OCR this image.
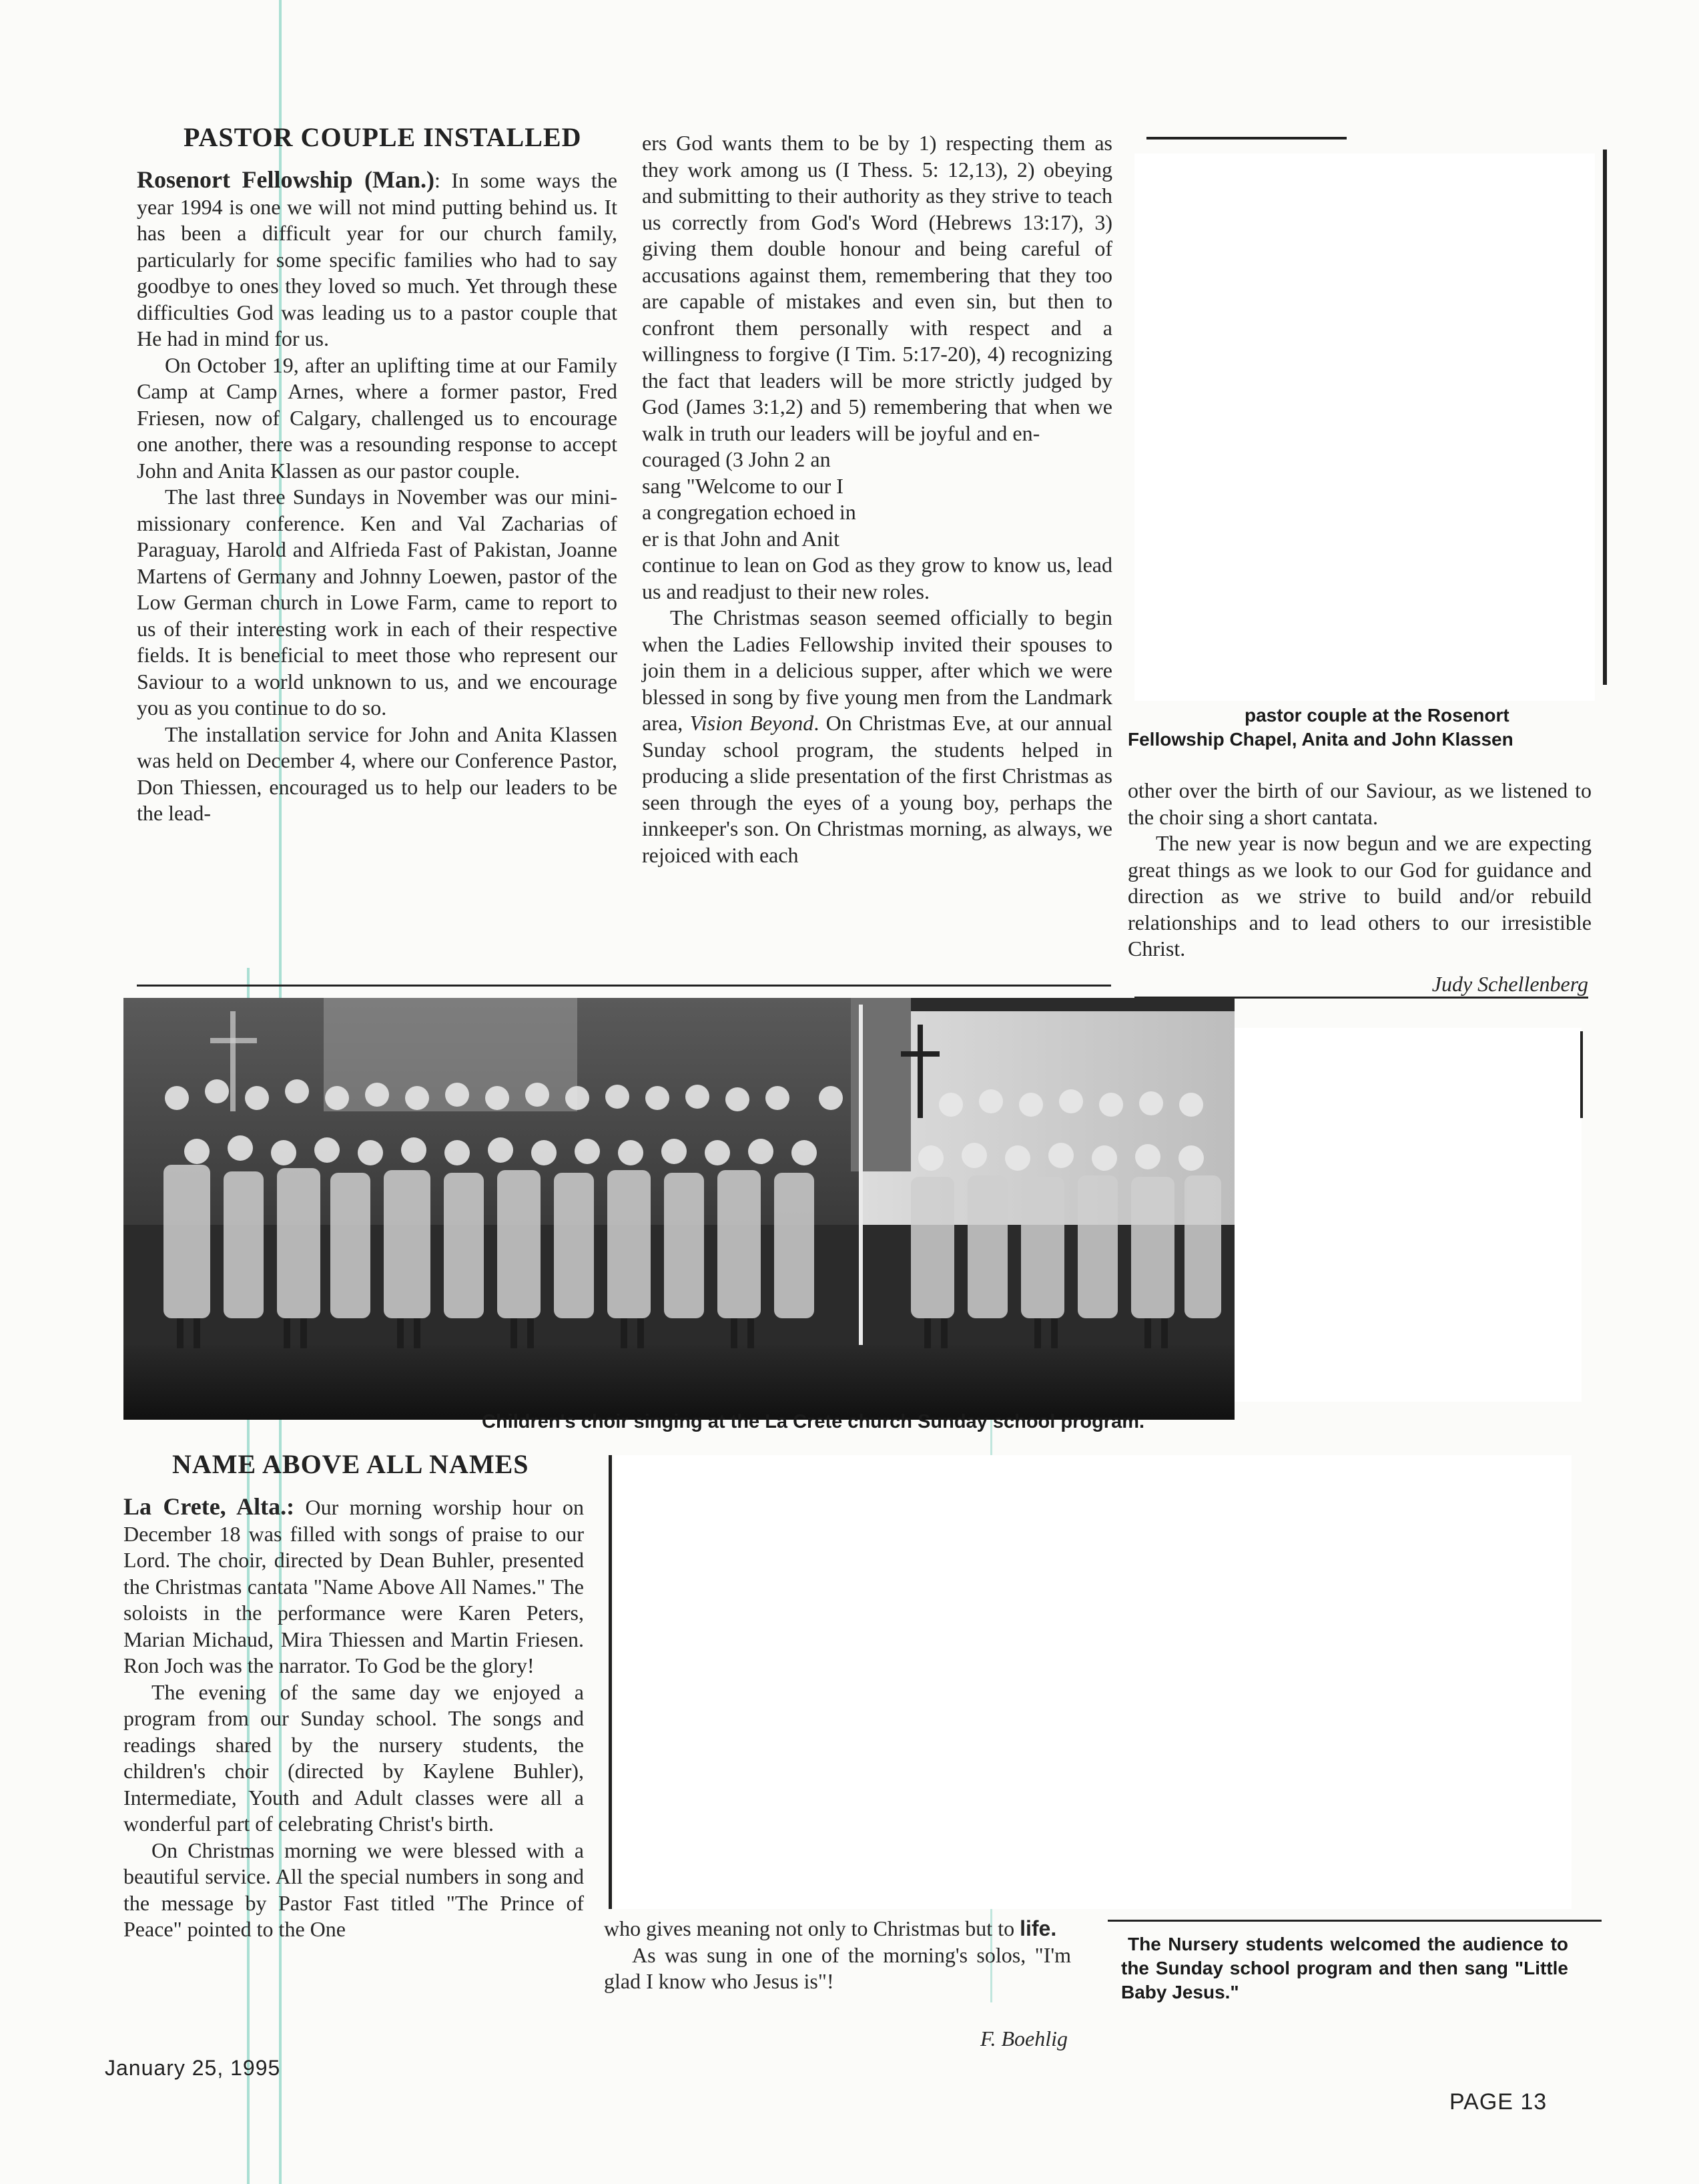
PASTOR COUPLE INSTALLED

Rosenort Fellowship (Man.): In some ways the year 1994 is one we will not mind putting behind us. It has been a difficult year for our church family, particularly for some specific families who had to say goodbye to ones they loved so much. Yet through these difficulties God was leading us to a pastor couple that He had in mind for us.

On October 19, after an uplifting time at our Family Camp at Camp Arnes, where a former pastor, Fred Friesen, now of Calgary, challenged us to encourage one another, there was a resounding response to accept John and Anita Klassen as our pastor couple.

The last three Sundays in November was our mini-missionary conference. Ken and Val Zacharias of Paraguay, Harold and Alfrieda Fast of Pakistan, Joanne Martens of Germany and Johnny Loewen, pastor of the Low German church in Lowe Farm, came to report to us of their interesting work in each of their respective fields. It is beneficial to meet those who represent our Saviour to a world unknown to us, and we encourage you as you continue to do so.

The installation service for John and Anita Klassen was held on December 4, where our Conference Pastor, Don Thiessen, encouraged us to help our leaders to be the lead-

ers God wants them to be by 1) respecting them as they work among us (I Thess. 5: 12,13), 2) obeying and submitting to their authority as they strive to teach us correctly from God's Word (Hebrews 13:17), 3) giving them double honour and being careful of accusations against them, remembering that they too are capable of mistakes and even sin, but then to confront them personally with respect and a willingness to forgive (I Tim. 5:17-20), 4) recognizing the fact that leaders will be more strictly judged by God (James 3:1,2) and 5) remembering that when we walk in truth our leaders will be joyful and en-

couraged (3 John 2 an
sang "Welcome to our I
a congregation echoed in
er is that John and Anit

continue to lean on God as they grow to know us, lead us and readjust to their new roles.

The Christmas season seemed officially to begin when the Ladies Fellowship invited their spouses to join them in a delicious supper, after which we were blessed in song by five young men from the Landmark area, Vision Beyond. On Christmas Eve, at our annual Sunday school program, the students helped in producing a slide presentation of the first Christmas as seen through the eyes of a young boy, perhaps the innkeeper's son. On Christmas morning, as always, we rejoiced with each

pastor couple at the Rosenort Fellowship Chapel, Anita and John Klassen

other over the birth of our Saviour, as we listened to the choir sing a short cantata.

The new year is now begun and we are expecting great things as we look to our God for guidance and direction as we strive to build and/or rebuild relationships and to lead others to our irresistible Christ.

Judy Schellenberg
Children's choir singing at the La Crete church Sunday school program.
NAME ABOVE ALL NAMES

La Crete, Alta.: Our morning worship hour on December 18 was filled with songs of praise to our Lord. The choir, directed by Dean Buhler, presented the Christmas cantata "Name Above All Names." The soloists in the performance were Karen Peters, Marian Michaud, Mira Thiessen and Martin Friesen. Ron Joch was the narrator. To God be the glory!

The evening of the same day we enjoyed a program from our Sunday school. The songs and readings shared by the nursery students, the children's choir (directed by Kaylene Buhler), Intermediate, Youth and Adult classes were all a wonderful part of celebrating Christ's birth.

On Christmas morning we were blessed with a beautiful service. All the special numbers in song and the message by Pastor Fast titled "The Prince of Peace" pointed to the One	who gives meaning not only to Christmas but to life.

As was sung in one of the morning's solos, "I'm glad I know who Jesus is"!

F. Boehlig
The Nursery students welcomed the audience to the Sunday school program and then sang "Little Baby Jesus."
January 25, 1995
PAGE 13
